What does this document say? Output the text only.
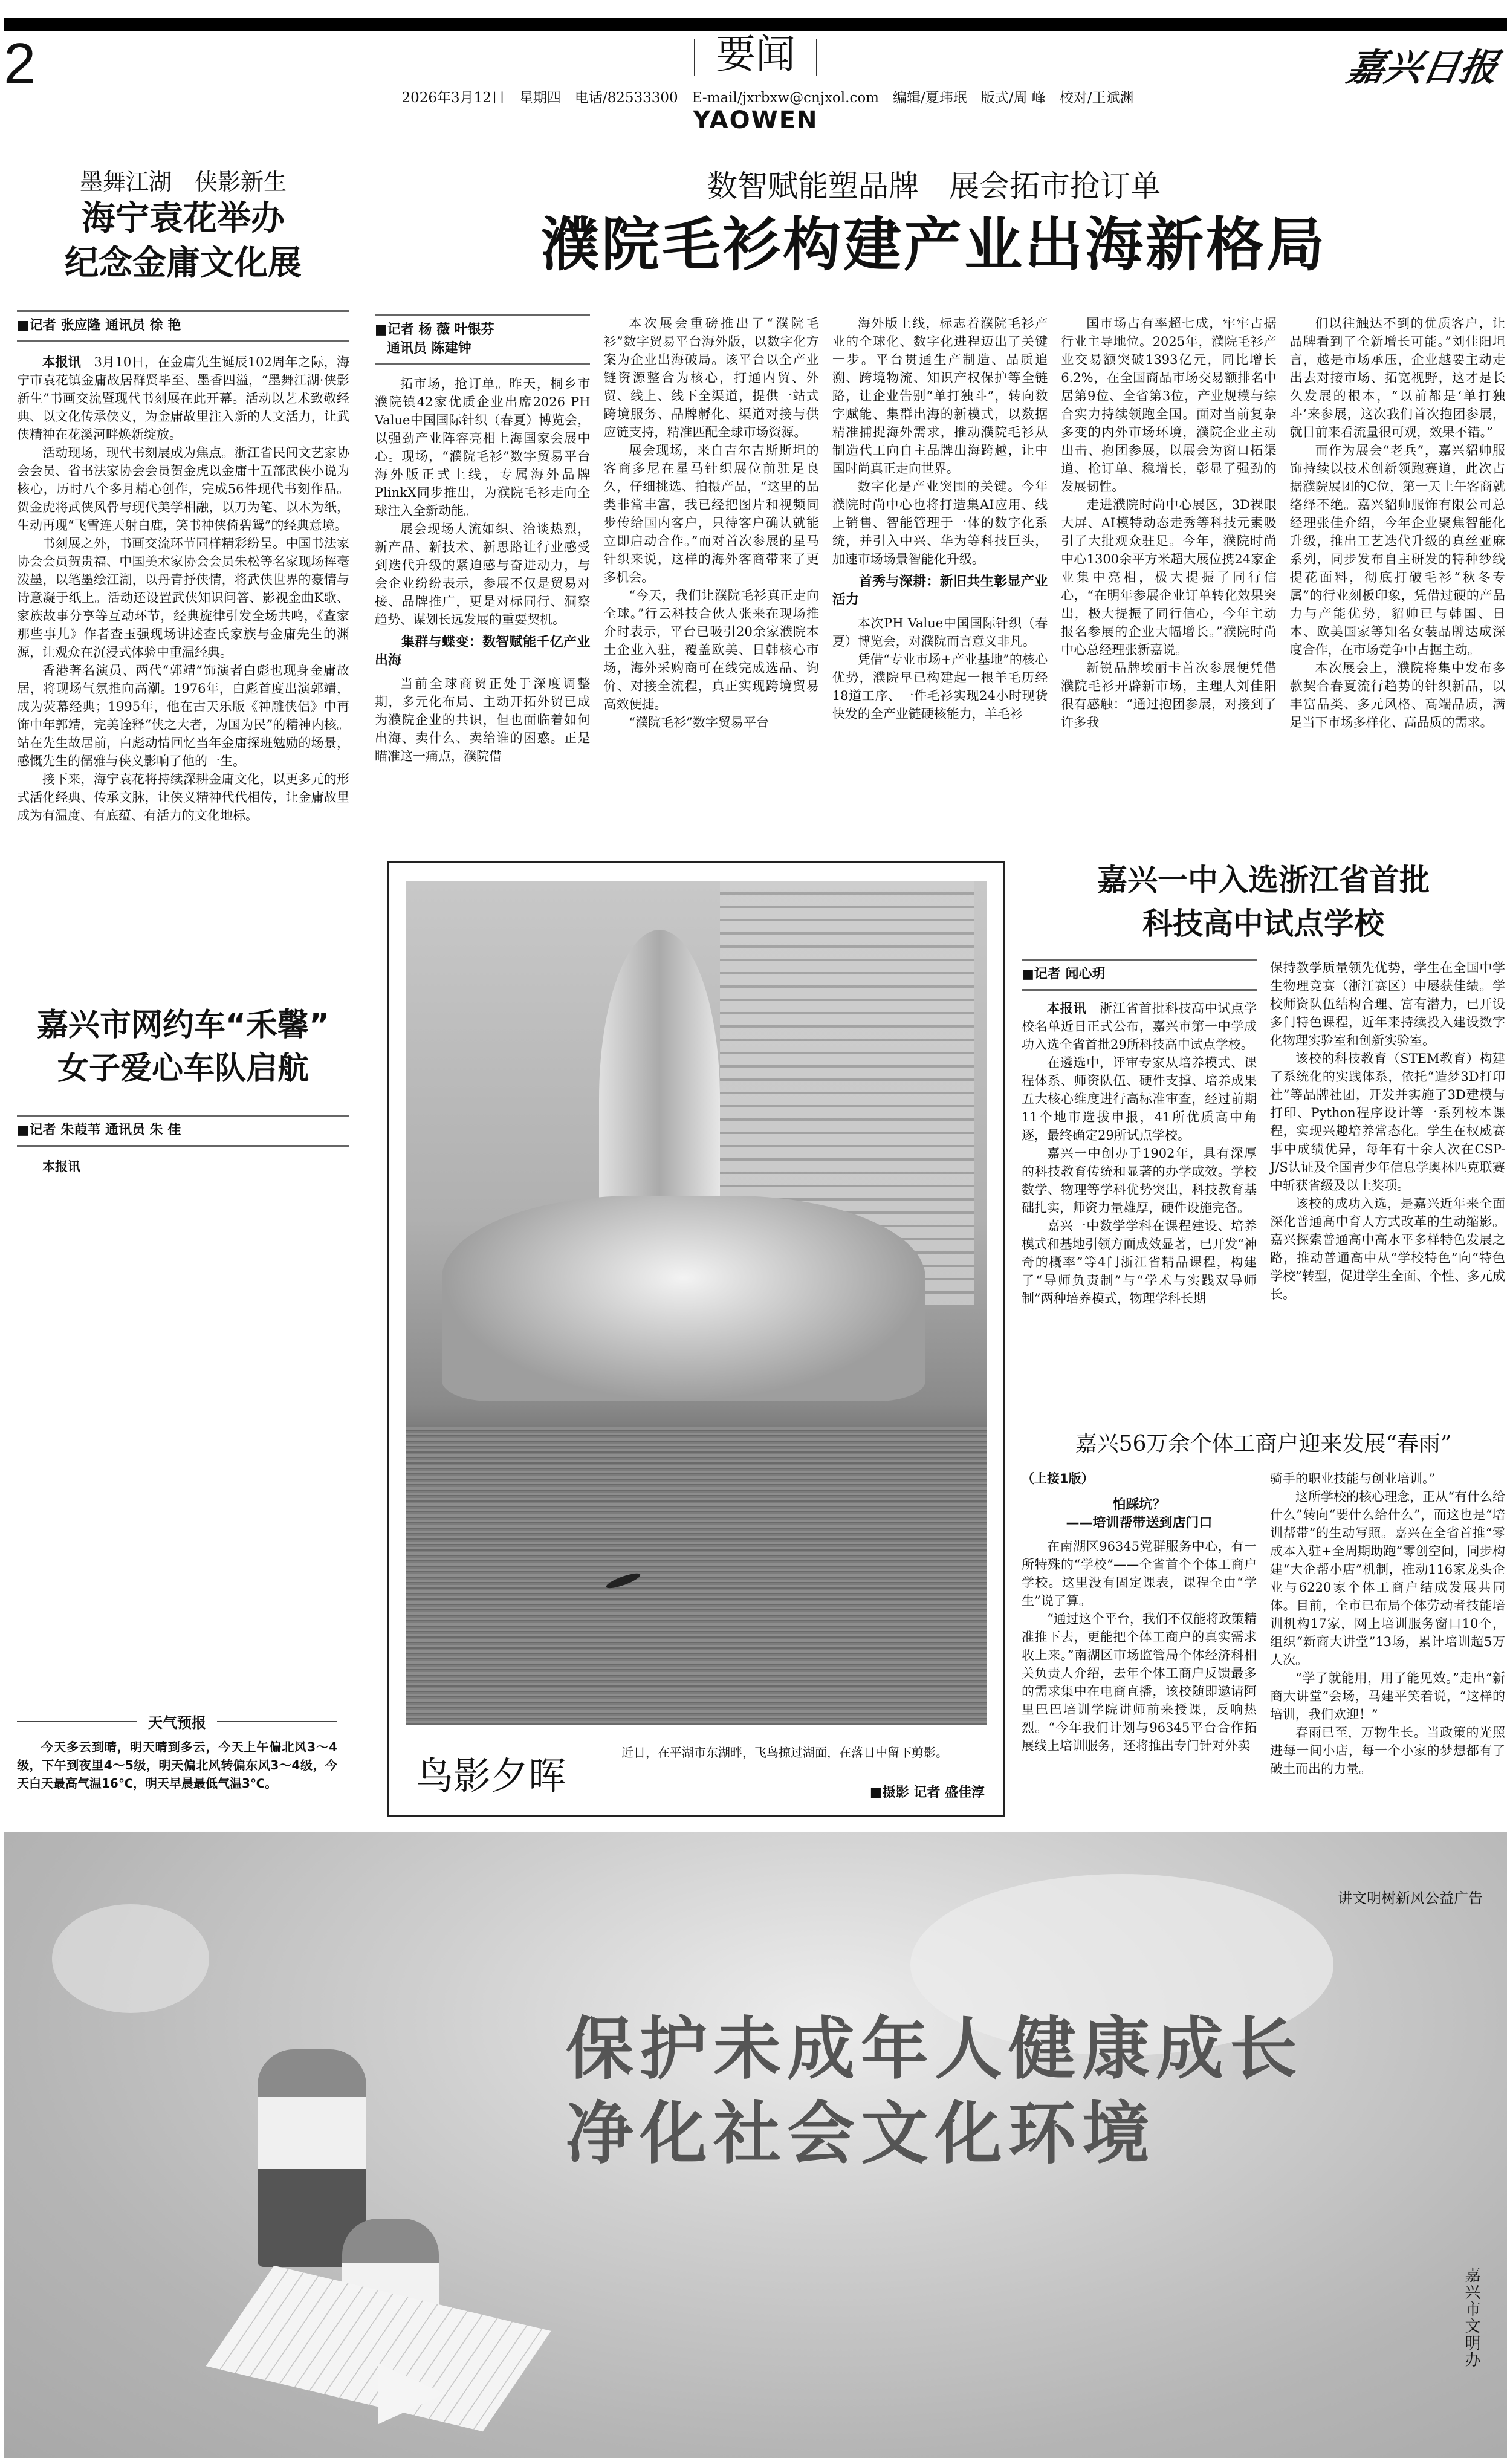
2	要闻	嘉兴日报
2026年3月12日　星期四　电话/82533300　E-mail/jxrbxw@cnjxol.com　编辑/夏玮珉　版式/周 峰　校对/王斌渊
YAOWEN
墨舞江湖　侠影新生
海宁袁花举办
纪念金庸文化展
■记者 张应隆 通讯员 徐 艳

本报讯　 3月10日，在金庸先生诞辰102周年之际，海宁市袁花镇金庸故居群贤毕至、墨香四溢，“墨舞江湖·侠影新生”书画交流暨现代书刻展在此开幕。活动以艺术致敬经典、以文化传承侠义，为金庸故里注入新的人文活力，让武侠精神在花溪河畔焕新绽放。

活动现场，现代书刻展成为焦点。浙江省民间文艺家协会会员、省书法家协会会员贺金虎以金庸十五部武侠小说为核心，历时八个多月精心创作，完成56件现代书刻作品。贺金虎将武侠风骨与现代美学相融，以刀为笔、以木为纸，生动再现“飞雪连天射白鹿，笑书神侠倚碧鸳”的经典意境。

书刻展之外，书画交流环节同样精彩纷呈。中国书法家协会会员贺贵福、中国美术家协会会员朱松等名家现场挥毫泼墨，以笔墨绘江湖，以丹青抒侠情，将武侠世界的豪情与诗意凝于纸上。活动还设置武侠知识问答、影视金曲K歌、家族故事分享等互动环节，经典旋律引发全场共鸣，《查家那些事儿》作者查玉强现场讲述查氏家族与金庸先生的渊源，让观众在沉浸式体验中重温经典。

香港著名演员、两代“郭靖”饰演者白彪也现身金庸故居，将现场气氛推向高潮。1976年，白彪首度出演郭靖，成为荧幕经典；1995年，他在古天乐版《神雕侠侣》中再饰中年郭靖，完美诠释“侠之大者，为国为民”的精神内核。站在先生故居前，白彪动情回忆当年金庸探班勉励的场景，感慨先生的儒雅与侠义影响了他的一生。

接下来，海宁袁花将持续深耕金庸文化，以更多元的形式活化经典、传承文脉，让侠义精神代代相传，让金庸故里成为有温度、有底蕴、有活力的文化地标。

嘉兴市网约车“禾馨”
女子爱心车队启航
■记者 朱葭苇 通讯员 朱 佳

本报讯　

天气预报

今天多云到晴，明天晴到多云，今天上午偏北风3～4级，下午到夜里4～5级，明天偏北风转偏东风3～4级，今天白天最高气温16℃，明天早晨最低气温3℃。

数智赋能塑品牌　展会拓市抢订单
濮院毛衫构建产业出海新格局
■记者 杨 薇 叶银芬
通讯员 陈建钟

拓市场，抢订单。昨天，桐乡市濮院镇42家优质企业出席2026 PH Value中国国际针织（春夏）博览会，以强劲产业阵容亮相上海国家会展中心。现场，“濮院毛衫”数字贸易平台海外版正式上线，专属海外品牌PlinkX同步推出，为濮院毛衫走向全球注入全新动能。

展会现场人流如织、洽谈热烈，新产品、新技术、新思路让行业感受到迭代升级的紧迫感与奋进动力，与会企业纷纷表示，参展不仅是贸易对接、品牌推广，更是对标同行、洞察趋势、谋划长远发展的重要契机。

集群与蝶变：数智赋能千亿产业出海

当前全球商贸正处于深度调整期，多元化布局、主动开拓外贸已成为濮院企业的共识，但也面临着如何出海、卖什么、卖给谁的困惑。正是瞄准这一痛点，濮院借

本次展会重磅推出了“濮院毛衫”数字贸易平台海外版，以数字化方案为企业出海破局。该平台以全产业链资源整合为核心，打通内贸、外贸、线上、线下全渠道，提供一站式跨境服务、品牌孵化、渠道对接与供应链支持，精准匹配全球市场资源。

展会现场，来自吉尔吉斯斯坦的客商多尼在星马针织展位前驻足良久，仔细挑选、拍摄产品，“这里的品类非常丰富，我已经把图片和视频同步传给国内客户，只待客户确认就能立即启动合作。”而对首次参展的星马针织来说，这样的海外客商带来了更多机会。

“今天，我们让濮院毛衫真正走向全球。”行云科技合伙人张来在现场推介时表示，平台已吸引20余家濮院本土企业入驻，覆盖欧美、日韩核心市场，海外采购商可在线完成选品、询价、对接全流程，真正实现跨境贸易高效便捷。

“濮院毛衫”数字贸易平台

海外版上线，标志着濮院毛衫产业的全球化、数字化进程迈出了关键一步。平台贯通生产制造、品质追溯、跨境物流、知识产权保护等全链路，让企业告别“单打独斗”，转向数字赋能、集群出海的新模式，以数据精准捕捉海外需求，推动濮院毛衫从制造代工向自主品牌出海跨越，让中国时尚真正走向世界。

数字化是产业突围的关键。今年濮院时尚中心也将打造集AI应用、线上销售、智能管理于一体的数字化系统，并引入中兴、华为等科技巨头，加速市场场景智能化升级。

首秀与深耕：新旧共生彰显产业活力

本次PH Value中国国际针织（春夏）博览会，对濮院而言意义非凡。

凭借“专业市场+产业基地”的核心优势，濮院早已构建起一根羊毛历经18道工序、一件毛衫实现24小时现货快发的全产业链硬核能力，羊毛衫

国市场占有率超七成，牢牢占据行业主导地位。2025年，濮院毛衫产业交易额突破1393亿元，同比增长6.2%，在全国商品市场交易额排名中居第9位、全省第3位，产业规模与综合实力持续领跑全国。面对当前复杂多变的内外市场环境，濮院企业主动出击、抱团参展，以展会为窗口拓渠道、抢订单、稳增长，彰显了强劲的发展韧性。

走进濮院时尚中心展区，3D裸眼大屏、AI模特动态走秀等科技元素吸引了大批观众驻足。今年，濮院时尚中心1300余平方米超大展位携24家企业集中亮相，极大提振了同行信心，“在明年参展企业订单转化效果突出，极大提振了同行信心，今年主动报名参展的企业大幅增长。”濮院时尚中心总经理张新嘉说。

新锐品牌埃丽卡首次参展便凭借濮院毛衫开辟新市场，主理人刘佳阳很有感触：“通过抱团参展，对接到了许多我

们以往触达不到的优质客户，让品牌看到了全新增长可能。”刘佳阳坦言，越是市场承压，企业越要主动走出去对接市场、拓宽视野，这才是长久发展的根本，“以前都是‘单打独斗’来参展，这次我们首次抱团参展，就目前来看流量很可观，效果不错。”

而作为展会“老兵”，嘉兴貂帅服饰持续以技术创新领跑赛道，此次占据濮院展团的C位，第一天上午客商就络绎不绝。嘉兴貂帅服饰有限公司总经理张佳介绍，今年企业聚焦智能化升级，推出工艺迭代升级的真丝亚麻系列，同步发布自主研发的特种纱线提花面料，彻底打破毛衫“秋冬专属”的行业刻板印象，凭借过硬的产品力与产能优势，貂帅已与韩国、日本、欧美国家等知名女装品牌达成深度合作，在市场竞争中占据主动。

本次展会上，濮院将集中发布多款契合春夏流行趋势的针织新品，以丰富品类、多元风格、高端品质，满足当下市场多样化、高品质的需求。

鸟影夕晖
近日，在平湖市东湖畔，飞鸟掠过湖面，在落日中留下剪影。
■摄影 记者 盛佳淳
嘉兴一中入选浙江省首批
科技高中试点学校
■记者 闻心玥

本报讯　 浙江省首批科技高中试点学校名单近日正式公布，嘉兴市第一中学成功入选全省首批29所科技高中试点学校。

在遴选中，评审专家从培养模式、课程体系、师资队伍、硬件支撑、培养成果五大核心维度进行高标准审查，经过前期11个地市选拔申报，41所优质高中角逐，最终确定29所试点学校。

嘉兴一中创办于1902年，具有深厚的科技教育传统和显著的办学成效。学校数学、物理等学科优势突出，科技教育基础扎实，师资力量雄厚，硬件设施完备。

嘉兴一中数学学科在课程建设、培养模式和基地引领方面成效显著，已开发“神奇的概率”等4门浙江省精品课程，构建了“导师负责制”与“学术与实践双导师制”两种培养模式，物理学科长期

保持教学质量领先优势，学生在全国中学生物理竞赛（浙江赛区）中屡获佳绩。学校师资队伍结构合理、富有潜力，已开设多门特色课程，近年来持续投入建设数字化物理实验室和创新实验室。

该校的科技教育（STEM教育）构建了系统化的实践体系，依托“造梦3D打印社”等品牌社团，开发并实施了3D建模与打印、Python程序设计等一系列校本课程，实现兴趣培养常态化。学生在权威赛事中成绩优异，每年有十余人次在CSP-J/S认证及全国青少年信息学奥林匹克联赛中斩获省级及以上奖项。

该校的成功入选，是嘉兴近年来全面深化普通高中育人方式改革的生动缩影。嘉兴探索普通高中高水平多样特色发展之路，推动普通高中从“学校特色”向“特色学校”转型，促进学生全面、个性、多元成长。

嘉兴56万余个体工商户迎来发展“春雨”
（上接1版）
怕踩坑？
——培训帮带送到店门口

在南湖区96345党群服务中心，有一所特殊的“学校”——全省首个个体工商户学校。这里没有固定课表，课程全由“学生”说了算。

“通过这个平台，我们不仅能将政策精准推下去，更能把个体工商户的真实需求收上来。”南湖区市场监管局个体经济科相关负责人介绍，去年个体工商户反馈最多的需求集中在电商直播，该校随即邀请阿里巴巴培训学院讲师前来授课，反响热烈。“今年我们计划与96345平台合作拓展线上培训服务，还将推出专门针对外卖

骑手的职业技能与创业培训。”

这所学校的核心理念，正从“有什么给什么”转向“要什么给什么”，而这也是“培训帮带”的生动写照。嘉兴在全省首推“零成本入驻+全周期助跑”零创空间，同步构建“大企帮小店”机制，推动116家龙头企业与6220家个体工商户结成发展共同体。目前，全市已布局个体劳动者技能培训机构17家，网上培训服务窗口10个，组织“新商大讲堂”13场，累计培训超5万人次。

“学了就能用，用了能见效。”走出“新商大讲堂”会场，马建平笑着说，“这样的培训，我们欢迎！”

春雨已至，万物生长。当政策的光照进每一间小店，每一个小家的梦想都有了破土而出的力量。

讲文明树新风公益广告
保护未成年人健康成长
净化社会文化环境
嘉兴市文明办
